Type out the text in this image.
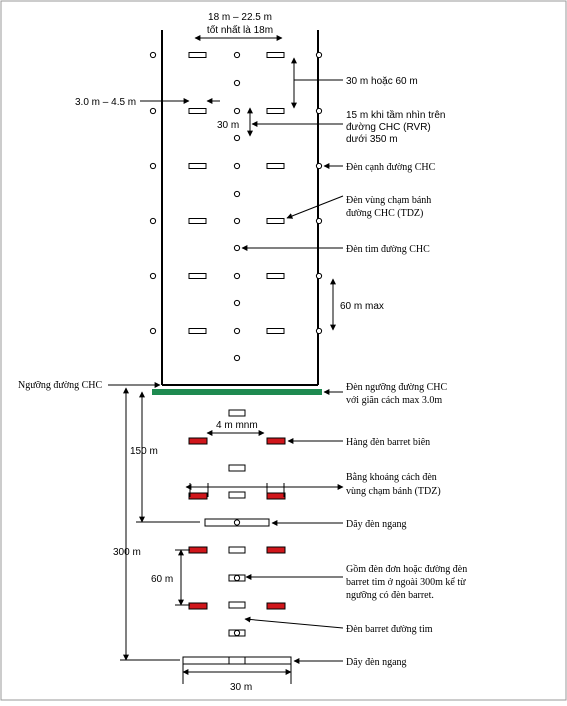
18 m – 22.5 m
tốt nhất là 18m
30 m hoặc 60 m
3.0 m – 4.5 m
30 m
15 m khi tầm nhìn trên
đường CHC (RVR)
dưới 350 m
Đèn cạnh đường CHC
Đèn vùng chạm bánh
đường CHC (TDZ)
Đèn tim đường CHC
60 m max
Ngưỡng đường CHC	Đèn ngưỡng đường CHC
với giãn cách max 3.0m
4 m mnm
Hàng đèn barret biên
Bằng khoảng cách đèn
vùng chạm bánh (TDZ)
150 m
Dãy đèn ngang
300 m
60 m
Gồm đèn đơn hoặc đường đèn
barret tim ở ngoài 300m kể từ
ngưỡng có đèn barret.
Đèn barret đường tim
Dãy đèn ngang
30 m
